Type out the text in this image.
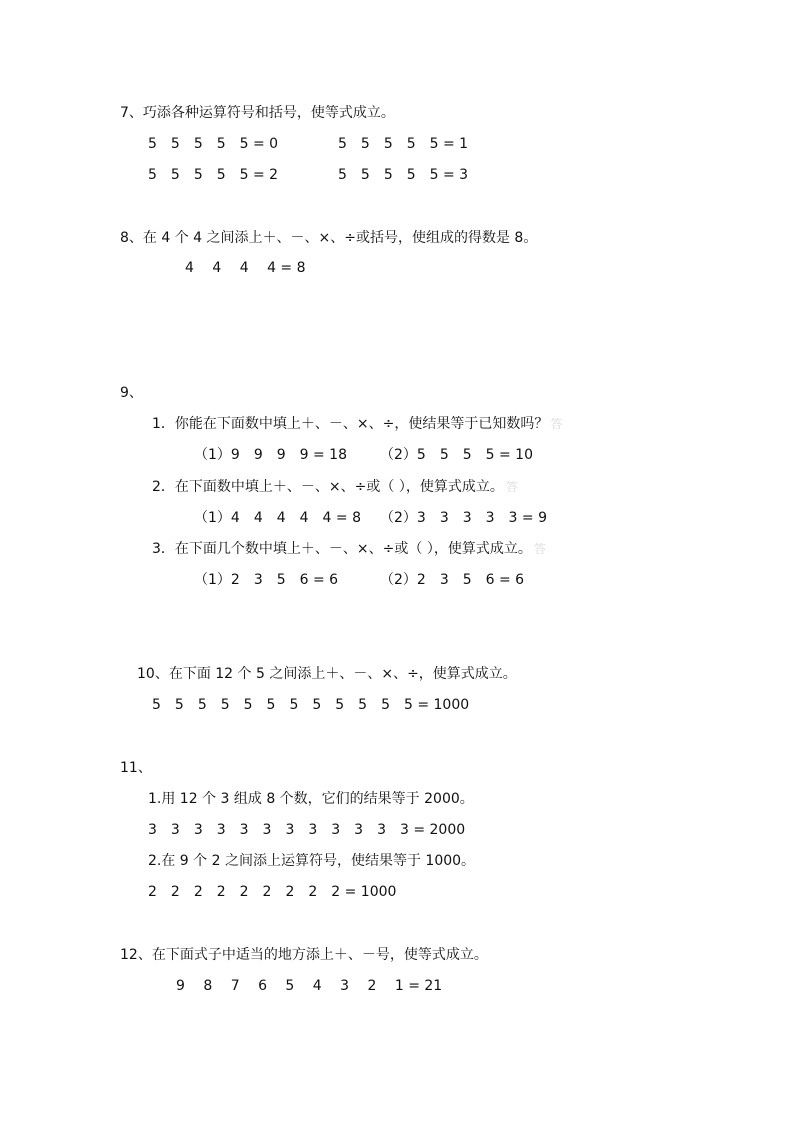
7、巧添各种运算符号和括号，使等式成立。
5　5　5　5　5 = 0	5　5　5　5　5 = 1
5　5　5　5　5 = 2	5　5　5　5　5 = 3
8、在 4 个 4 之间添上＋、－、×、÷或括号，使组成的得数是 8。
4　 4　 4　 4 = 8
9、
1．你能在下面数中填上＋、－、×、÷，使结果等于已知数吗？ 答
（1）9　9　9　9 = 18 （2）5　5　5　5 = 10
2．在下面数中填上＋、－、×、÷或（ ），使算式成立。 答
（1）4　4　4　4　4 = 8 （2）3　3　3　3　3 = 9
3．在下面几个数中填上＋、－、×、÷或（ ），使算式成立。 答
（1）2　3　5　6 = 6	（2）2　3　5　6 = 6
10、在下面 12 个 5 之间添上＋、－、×、÷，使算式成立。
5　5　5　5　5　5　5　5　5　5　5　5 = 1000
11、
1.用 12 个 3 组成 8 个数，它们的结果等于 2000。
3　3　3　3　3　3　3　3　3　3　3　3 = 2000
2.在 9 个 2 之间添上运算符号，使结果等于 1000。
2　2　2　2　2　2　2　2　2 = 1000
12、在下面式子中适当的地方添上＋、－号，使等式成立。
9　 8　 7　 6　 5　 4　 3　 2　 1 = 21
